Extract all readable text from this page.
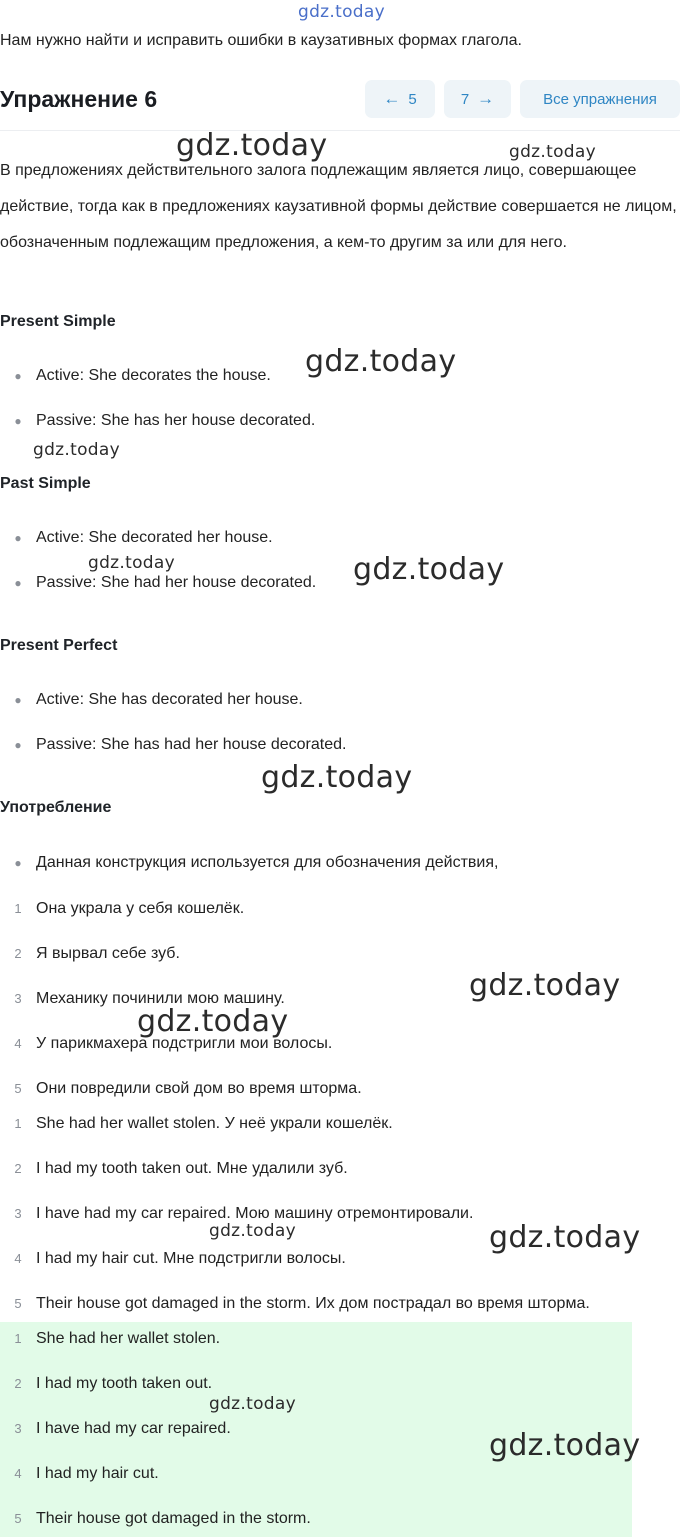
gdz.today
Нам нужно найти и исправить ошибки в каузативных формах глагола.
Упражнение 6	← 5	7 →	Все упражнения
В предложениях действительного залога подлежащим является лицо, совершающее действие, тогда как в предложениях каузативной формы действие совершается не лицом, обозначенным подлежащим предложения, а кем-то другим за или для него.
Present Simple
● Active: She decorates the house.
● Passive: She has her house decorated.
Past Simple
● Active: She decorated her house.
● Passive: She had her house decorated.
Present Perfect
● Active: She has decorated her house.
● Passive: She has had her house decorated.
Употребление
● Данная конструкция используется для обозначения действия,
1 Она украла у себя кошелёк.
2 Я вырвал себе зуб.
3 Механику починили мою машину.
4 У парикмахера подстригли мои волосы.
5 Они повредили свой дом во время шторма.
1 She had her wallet stolen. У неё украли кошелёк.
2 I had my tooth taken out. Мне удалили зуб.
3 I have had my car repaired. Мою машину отремонтировали.
4 I had my hair cut. Мне подстригли волосы.
5 Their house got damaged in the storm. Их дом пострадал во время шторма.
1 She had her wallet stolen.
2 I had my tooth taken out.
3 I have had my car repaired.
4 I had my hair cut.
5 Their house got damaged in the storm.
gdz.today	gdz.today
gdz.today
gdz.today
gdz.today	gdz.today
gdz.today
gdz.today
gdz.today
gdz.today	gdz.today
gdz.today
gdz.today
